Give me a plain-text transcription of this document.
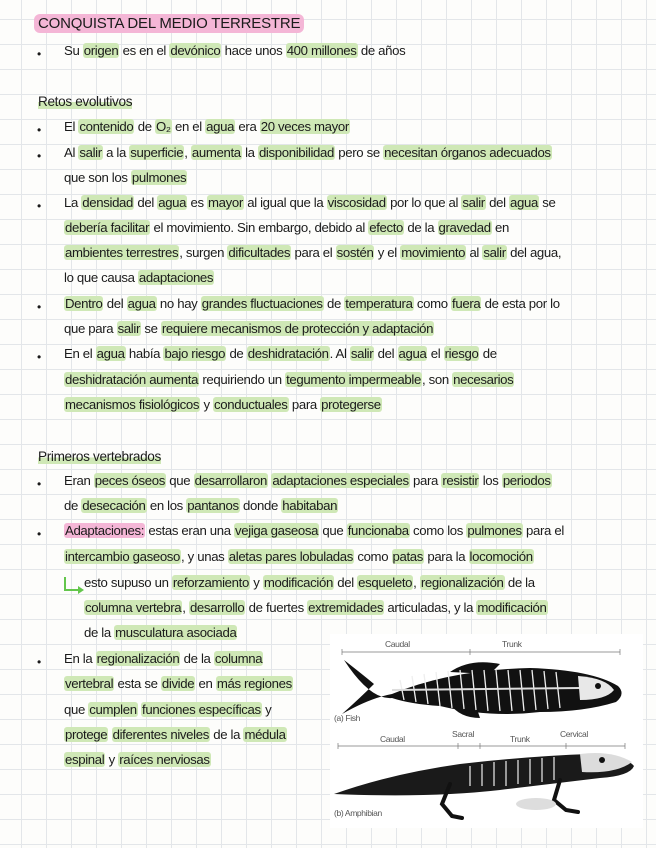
CONQUISTA DEL MEDIO TERRESTRE
• Su origen es en el devónico hace unos 400 millones de años
Retos evolutivos
• El contenido de O₂ en el agua era 20 veces mayor
• Al salir a la superficie, aumenta la disponibilidad pero se necesitan órganos adecuados
que son los pulmones
• La densidad del agua es mayor al igual que la viscosidad por lo que al salir del agua se
debería facilitar el movimiento. Sin embargo, debido al efecto de la gravedad en
ambientes terrestres, surgen dificultades para el sostén y el movimiento al salir del agua,
lo que causa adaptaciones
• Dentro del agua no hay grandes fluctuaciones de temperatura como fuera de esta por lo
que para salir se requiere mecanismos de protección y adaptación
• En el agua había bajo riesgo de deshidratación. Al salir del agua el riesgo de
deshidratación aumenta requiriendo un tegumento impermeable, son necesarios
mecanismos fisiológicos y conductuales para protegerse
Primeros vertebrados
• Eran peces óseos que desarrollaron adaptaciones especiales para resistir los periodos
de desecación en los pantanos donde habitaban
• Adaptaciones: estas eran una vejiga gaseosa que funcionaba como los pulmones para el
intercambio gaseoso, y unas aletas pares lobuladas como patas para la locomoción
esto supuso un reforzamiento y modificación del esqueleto, regionalización de la
columna vertebra, desarrollo de fuertes extremidades articuladas, y la modificación
de la musculatura asociada
• En la regionalización de la columna
vertebral esta se divide en más regiones
que cumplen funciones específicas y
protege diferentes niveles de la médula
espinal y raíces nerviosas
Caudal	Trunk
(a) Fish
Caudal	Sacral	Trunk	Cervical
(b) Amphibian
